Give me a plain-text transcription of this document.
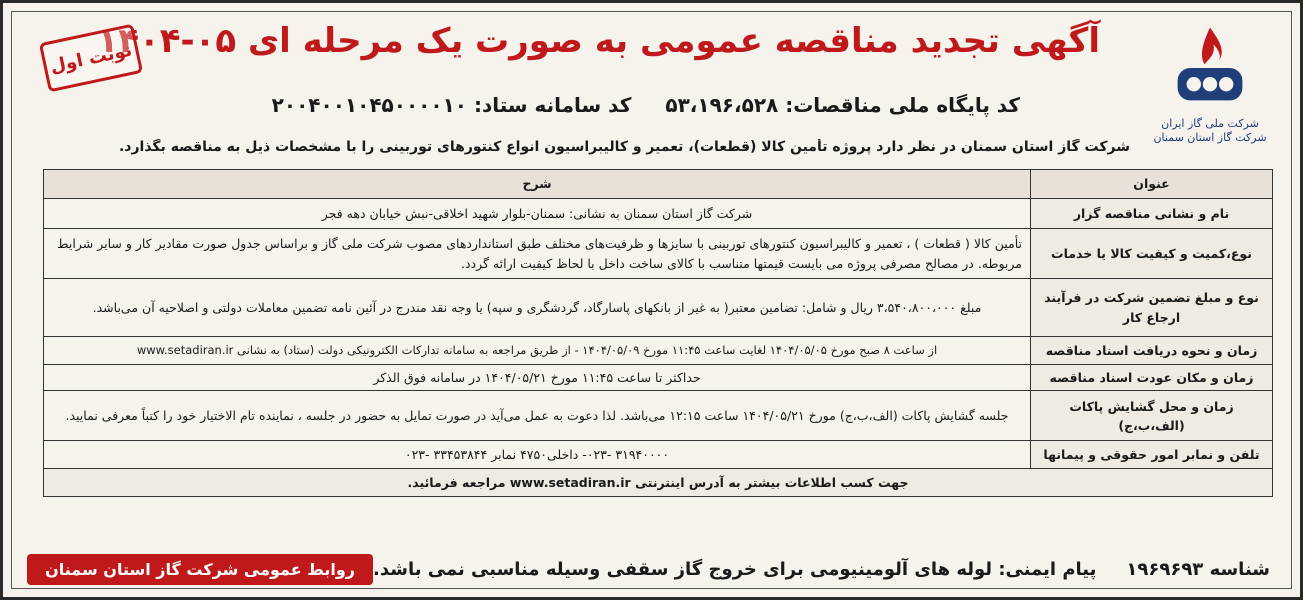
شرکت ملی گاز ایران
شرکت گاز استان سمنان
آگهی تجدید مناقصه عمومی به صورت یک مرحله ای ۰۵-۱۴۰۴
نوبت اول
کد پایگاه ملی مناقصات: ۵۳،۱۹۶،۵۲۸
کد سامانه ستاد: ۲۰۰۴۰۰۱۰۴۵۰۰۰۰۱۰
شرکت گاز استان سمنان در نظر دارد پروژه تأمین کالا (قطعات)، تعمیر و کالیبراسیون انواع کنتورهای توربینی را با مشخصات ذیل به مناقصه بگذارد.
عنوان	شرح
نام و نشانی مناقصه گزار	شرکت گاز استان سمنان به نشانی: سمنان-بلوار شهید اخلاقی-نبش خیابان دهه فجر
نوع،کمیت و کیفیت کالا یا خدمات	تأمین کالا ( قطعات ) ، تعمیر و کالیبراسیون کنتورهای توربینی با سایزها و ظرفیت‌های مختلف طبق استانداردهای مصوب شرکت ملی گاز و براساس جدول صورت مقادیر کار و سایر شرایط مربوطه. در مصالح مصرفی پروژه می بایست قیمتها متناسب با کالای ساخت داخل با لحاظ کیفیت ارائه گردد.
نوع و مبلغ تضمین شرکت در فرآیند ارجاع کار	مبلغ ۳،۵۴۰،۸۰۰،۰۰۰ ریال و شامل: تضامین معتبر( به غیر از بانکهای پاسارگاد، گردشگری و سپه) یا وجه نقد مندرج در آئین نامه تضمین معاملات دولتی و اصلاحیه آن می‌باشد.
زمان و نحوه دریافت اسناد مناقصه	از ساعت ۸ صبح مورخ ۱۴۰۴/۰۵/۰۵ لغایت ساعت ۱۱:۴۵ مورخ ۱۴۰۴/۰۵/۰۹ - از طریق مراجعه به سامانه تدارکات الکترونیکی دولت (ستاد) به نشانی www.setadiran.ir
زمان و مکان عودت اسناد مناقصه	حداکثر تا ساعت ۱۱:۴۵ مورخ ۱۴۰۴/۰۵/۲۱ در سامانه فوق الذکر
زمان و محل گشایش پاکات (الف،ب،ج)	جلسه گشایش پاکات (الف،ب،ج) مورخ ۱۴۰۴/۰۵/۲۱ ساعت ۱۲:۱۵ می‌باشد. لذا دعوت به عمل می‌آید در صورت تمایل به حضور در جلسه ، نماینده تام الاختیار خود را کتباً معرفی نمایید.
تلفن و نمابر امور حقوقی و پیمانها	۳۱۹۴۰۰۰۰ -۰۲۳- داخلی۴۷۵۰ نمابر ۳۳۴۵۳۸۴۴ -۰۲۳
جهت کسب اطلاعات بیشتر به آدرس اینترنتی www.setadiran.ir مراجعه فرمائید.	
شناسه ۱۹۶۹۶۹۳
پیام ایمنی: لوله های آلومینیومی برای خروج گاز سقفی وسیله مناسبی نمی باشد.
روابط عمومی شرکت گاز استان سمنان
